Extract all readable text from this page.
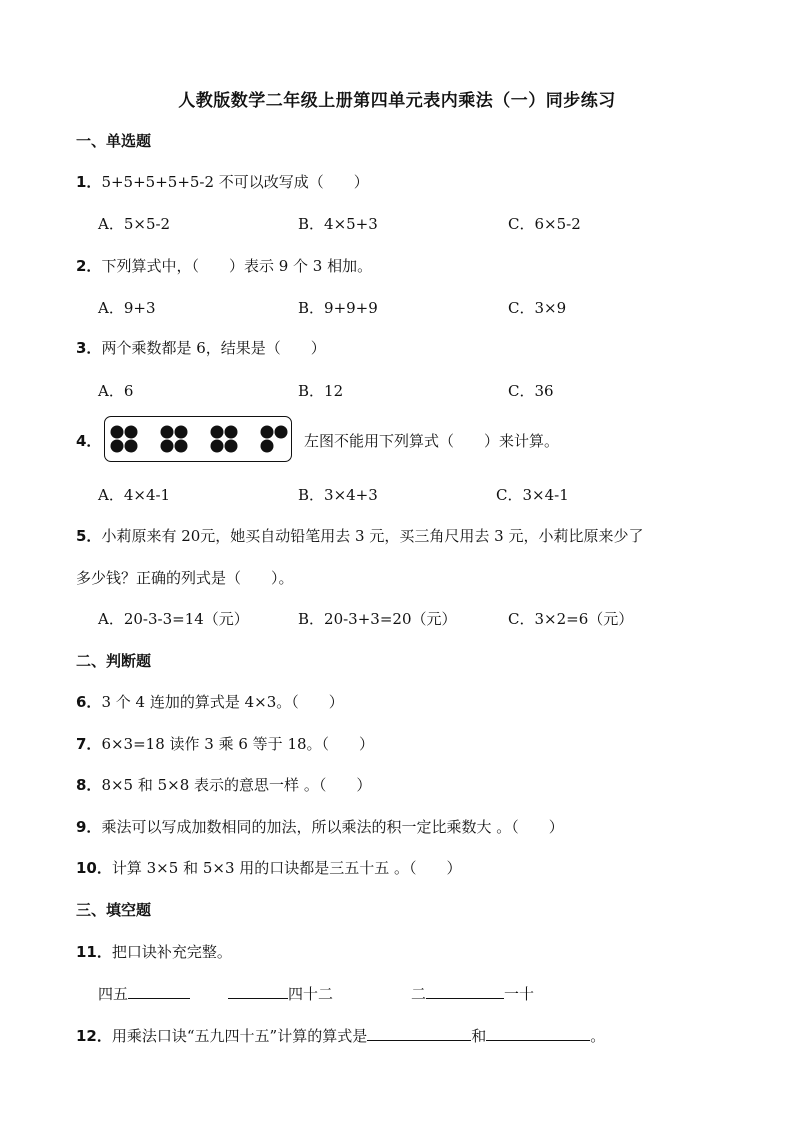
人教版数学二年级上册第四单元表内乘法（一）同步练习
一、单选题
1．5+5+5+5+5-2 不可以改写成（　　）
A．5×5-2	B．4×5+3	C．6×5-2
2．下列算式中，（　　）表示 9 个 3 相加。
A．9+3	B．9+9+9	C．3×9
3．两个乘数都是 6，结果是（　　）
A．6	B．12	C．36
4．	左图不能用下列算式（　　）来计算。
A．4×4-1	B．3×4+3	C．3×4-1
5．小莉原来有 20元，她买自动铅笔用去 3 元，买三角尺用去 3 元，小莉比原来少了
多少钱？正确的列式是（　　）。
A．20-3-3=14（元）	B．20-3+3=20（元）	C．3×2=6（元）
二、判断题
6．3 个 4 连加的算式是 4×3。（　　）
7．6×3=18 读作 3 乘 6 等于 18。（　　）
8．8×5 和 5×8 表示的意思一样 。（　　）
9．乘法可以写成加数相同的加法，所以乘法的积一定比乘数大 。（　　）
10．计算 3×5 和 5×3 用的口诀都是三五十五 。（　　）
三、填空题
11．把口诀补充完整。
四五	四十二	二	一十
12．用乘法口诀“五九四十五”计算的算式是	和	。
